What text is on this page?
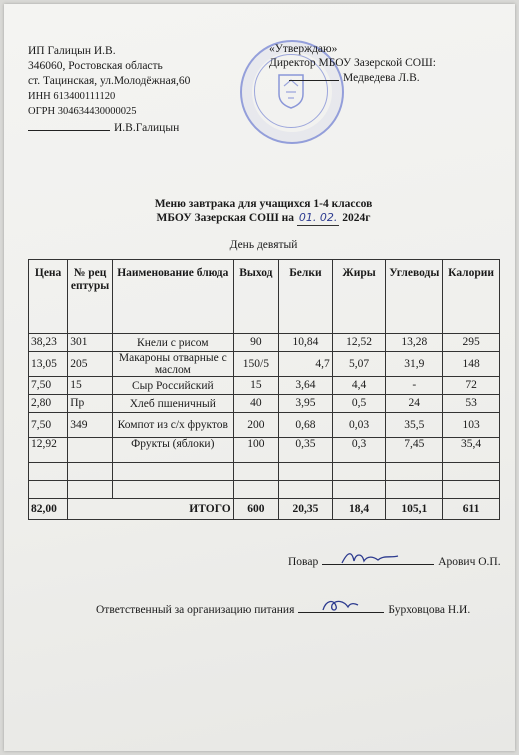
ИП Галицын И.В.
346060, Ростовская область
ст. Тацинская, ул.Молодёжная,60
ИНН 613400111120
ОГРН 304634430000025
И.В.Галицын
«Утверждаю»
Директор МБОУ Зазерской СОШ:
Медведева Л.В.
Меню завтрака для учащихся 1-4 классов
МБОУ Зазерская СОШ на 01. 02. 2024г
День девятый
Цена	№ рец ептуры	Наименование блюда	Выход	Белки	Жиры	Углеводы	Калории
38,23	301	Кнели с рисом	90	10,84	12,52	13,28	295
13,05	205	Макароны отварные с маслом	150/5	4,7	5,07	31,9	148
7,50	15	Сыр Российский	15	3,64	4,4	-	72
2,80	Пр	Хлеб пшеничный	40	3,95	0,5	24	53
7,50	349	Компот из с/х фруктов	200	0,68	0,03	35,5	103
12,92		Фрукты (яблоки)	100	0,35	0,3	7,45	35,4

82,00	ИТОГО		600	20,35	18,4	105,1	611
Повар	Арович О.П.
Ответственный за организацию питания	Бурховцова Н.И.
